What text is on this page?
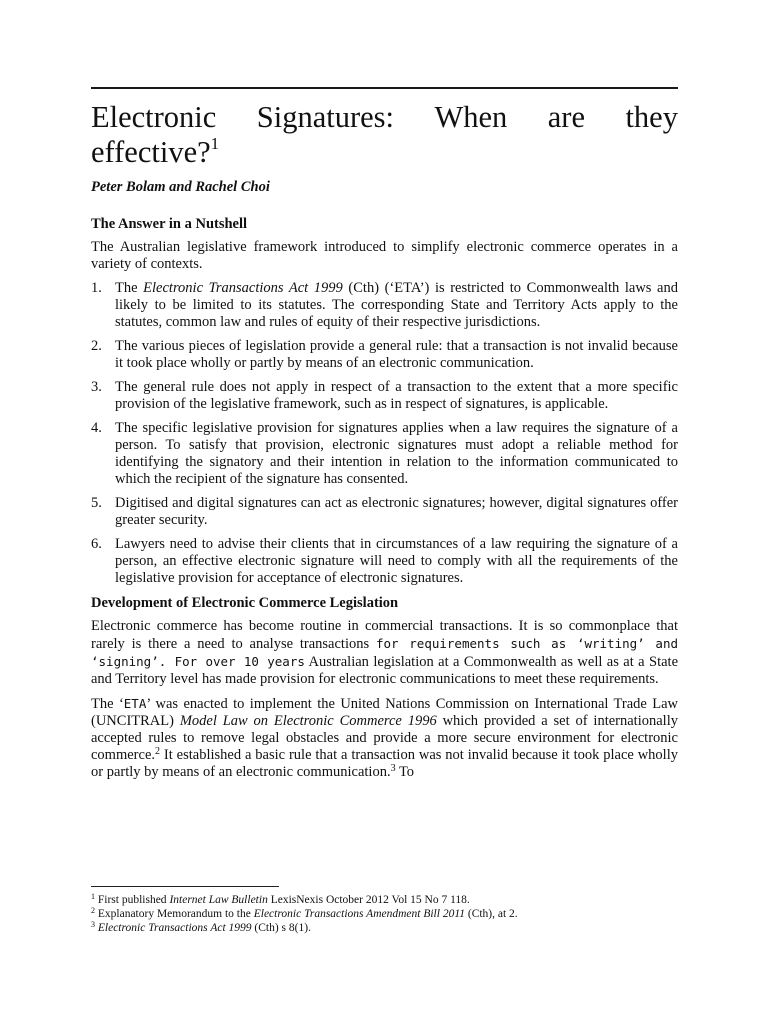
Electronic Signatures: When are they
effective?$^1$
Peter Bolam and Rachel Choi
The Answer in a Nutshell

The Australian legislative framework introduced to simplify electronic commerce operates in a variety of contexts.

1. The Electronic Transactions Act 1999 (Cth) (‘ETA’) is restricted to Commonwealth laws and likely to be limited to its statutes. The corresponding State and Territory Acts apply to the statutes, common law and rules of equity of their respective jurisdictions.
2. The various pieces of legislation provide a general rule: that a transaction is not invalid because it took place wholly or partly by means of an electronic communication.
3. The general rule does not apply in respect of a transaction to the extent that a more specific provision of the legislative framework, such as in respect of signatures, is applicable.
4. The specific legislative provision for signatures applies when a law requires the signature of a person. To satisfy that provision, electronic signatures must adopt a reliable method for identifying the signatory and their intention in relation to the information communicated to which the recipient of the signature has consented.
5. Digitised and digital signatures can act as electronic signatures; however, digital signatures offer greater security.
6. Lawyers need to advise their clients that in circumstances of a law requiring the signature of a person, an effective electronic signature will need to comply with all the requirements of the legislative provision for acceptance of electronic signatures.
Development of Electronic Commerce Legislation

Electronic commerce has become routine in commercial transactions. It is so commonplace that rarely is there a need to analyse transactions for requirements such as ‘writing’ and ‘signing’. For over 10 years Australian legislation at a Commonwealth as well as at a State and Territory level has made provision for electronic communications to meet these requirements.

The ‘ETA’ was enacted to implement the United Nations Commission on International Trade Law (UNCITRAL) Model Law on Electronic Commerce 1996 which provided a set of internationally accepted rules to remove legal obstacles and provide a more secure environment for electronic commerce.$^2$ It established a basic rule that a transaction was not invalid because it took place wholly or partly by means of an electronic communication.$^3$ To

$^1$ First published Internet Law Bulletin LexisNexis October 2012 Vol 15 No 7 118.
$^2$ Explanatory Memorandum to the Electronic Transactions Amendment Bill 2011 (Cth), at 2.
$^3$ Electronic Transactions Act 1999 (Cth) s 8(1).
